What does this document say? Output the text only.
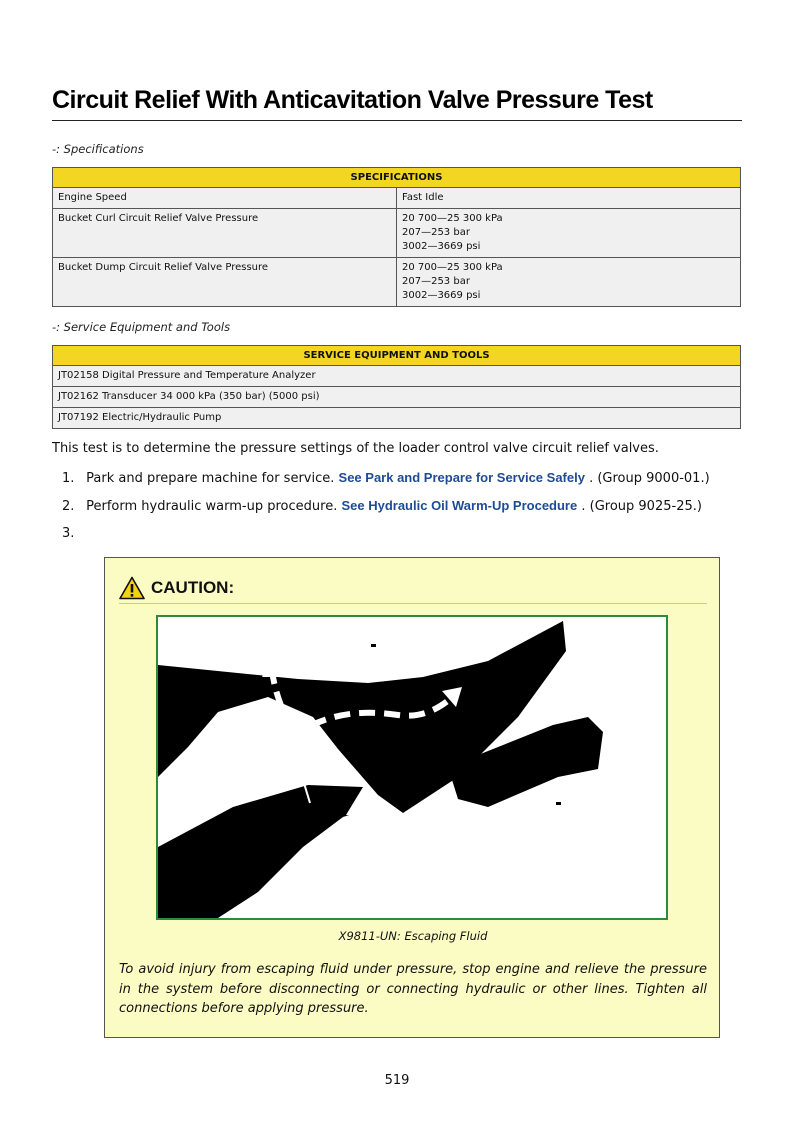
Circuit Relief With Anticavitation Valve Pressure Test
-: Specifications
SPECIFICATIONS	
Engine Speed	Fast Idle
Bucket Curl Circuit Relief Valve Pressure	20 700—25 300 kPa
207—253 bar
3002—3669 psi
Bucket Dump Circuit Relief Valve Pressure	20 700—25 300 kPa
207—253 bar
3002—3669 psi
-: Service Equipment and Tools
SERVICE EQUIPMENT AND TOOLS
JT02158 Digital Pressure and Temperature Analyzer
JT02162 Transducer 34 000 kPa (350 bar) (5000 psi)
JT07192 Electric/Hydraulic Pump
This test is to determine the pressure settings of the loader control valve circuit relief valves.
1. Park and prepare machine for service. See Park and Prepare for Service Safely . (Group 9000-01.)
2. Perform hydraulic warm-up procedure. See Hydraulic Oil Warm-Up Procedure . (Group 9025-25.)
3.
CAUTION:
X9811-UN: Escaping Fluid
To avoid injury from escaping fluid under pressure, stop engine and relieve the pressure in the system before disconnecting or connecting hydraulic or other lines. Tighten all connections before applying pressure.
519
